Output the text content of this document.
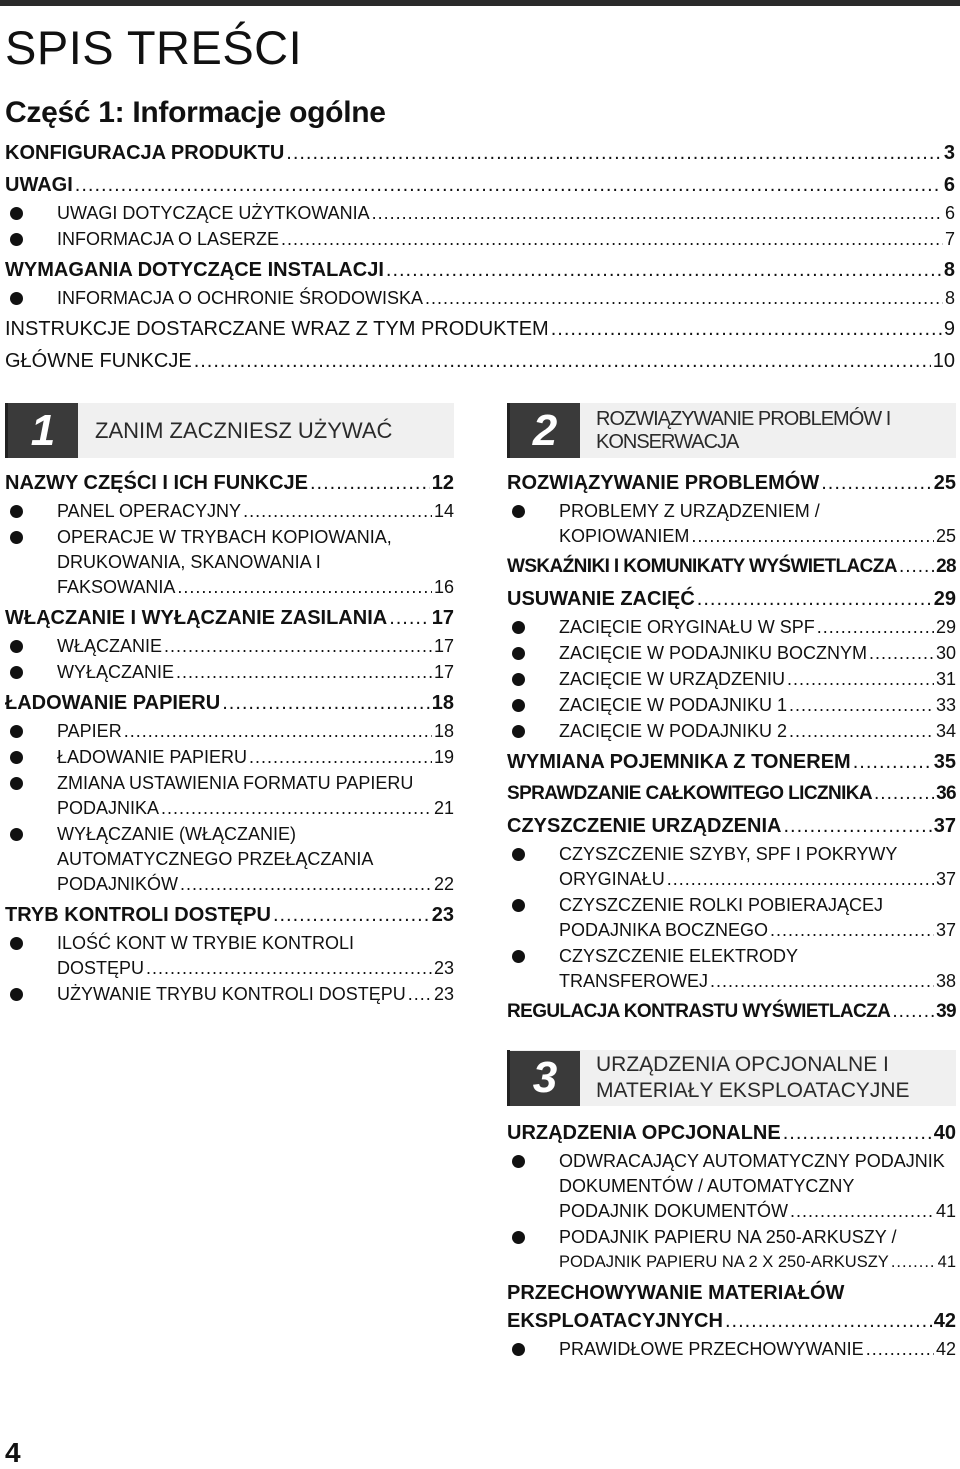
SPIS TREŚCI
Część 1: Informacje ogólne
KONFIGURACJA PRODUKTU .....	3
UWAGI .....	6
UWAGI DOTYCZĄCE UŻYTKOWANIA .....	6
INFORMACJA O LASERZE .....	7
WYMAGANIA DOTYCZĄCE INSTALACJI .....	8
INFORMACJA O OCHRONIE ŚRODOWISKA .....	8
INSTRUKCJE DOSTARCZANE WRAZ Z TYM PRODUKTEM .....	9
GŁÓWNE FUNKCJE .....	10
1	ZANIM ZACZNIESZ UŻYWAĆ
NAZWY CZĘŚCI I ICH FUNKCJE .....	12
PANEL OPERACYJNY .....	14
OPERACJE W TRYBACH KOPIOWANIA,
DRUKOWANIA, SKANOWANIA I
FAKSOWANIA .....	16
WŁĄCZANIE I WYŁĄCZANIE ZASILANIA ..... 17
WŁĄCZANIE .....	17
WYŁĄCZANIE .....	17
ŁADOWANIE PAPIERU .....	18
PAPIER .....	18
ŁADOWANIE PAPIERU .....	19
ZMIANA USTAWIENIA FORMATU PAPIERU
PODAJNIKA .....	21
WYŁĄCZANIE (WŁĄCZANIE)
AUTOMATYCZNEGO PRZEŁĄCZANIA
PODAJNIKÓW .....	22
TRYB KONTROLI DOSTĘPU .....	23
ILOŚĆ KONT W TRYBIE KONTROLI
DOSTĘPU .....	23
UŻYWANIE TRYBU KONTROLI DOSTĘPU ..... 23
2	ROZWIĄZYWANIE PROBLEMÓW I KONSERWACJA
ROZWIĄZYWANIE PROBLEMÓW .....	25
PROBLEMY Z URZĄDZENIEM /
KOPIOWANIEM .....	25
WSKAŹNIKI I KOMUNIKATY WYŚWIETLACZA ..... 28
USUWANIE ZACIĘĆ .....	29
ZACIĘCIE ORYGINAŁU W SPF .....	29
ZACIĘCIE W PODAJNIKU BOCZNYM .....	30
ZACIĘCIE W URZĄDZENIU .....	31
ZACIĘCIE W PODAJNIKU 1 .....	33
ZACIĘCIE W PODAJNIKU 2 .....	34
WYMIANA POJEMNIKA Z TONEREM .....	35
SPRAWDZANIE CAŁKOWITEGO LICZNIKA .....	36
CZYSZCZENIE URZĄDZENIA .....	37
CZYSZCZENIE SZYBY, SPF I POKRYWY
ORYGINAŁU .....	37
CZYSZCZENIE ROLKI POBIERAJĄCEJ
PODAJNIKA BOCZNEGO .....	37
CZYSZCZENIE ELEKTRODY
TRANSFEROWEJ .....	38
REGULACJA KONTRASTU WYŚWIETLACZA ..... 39
3	URZĄDZENIA OPCJONALNE I
MATERIAŁY EKSPLOATACYJNE
URZĄDZENIA OPCJONALNE .....	40
ODWRACAJĄCY AUTOMATYCZNY PODAJNIK
DOKUMENTÓW / AUTOMATYCZNY
PODAJNIK DOKUMENTÓW .....	41
PODAJNIK PAPIERU NA 250-ARKUSZY /
PODAJNIK PAPIERU NA 2 X 250-ARKUSZY .....	41
PRZECHOWYWANIE MATERIAŁÓW
EKSPLOATACYJNYCH .....	42
PRAWIDŁOWE PRZECHOWYWANIE .....	42
4
